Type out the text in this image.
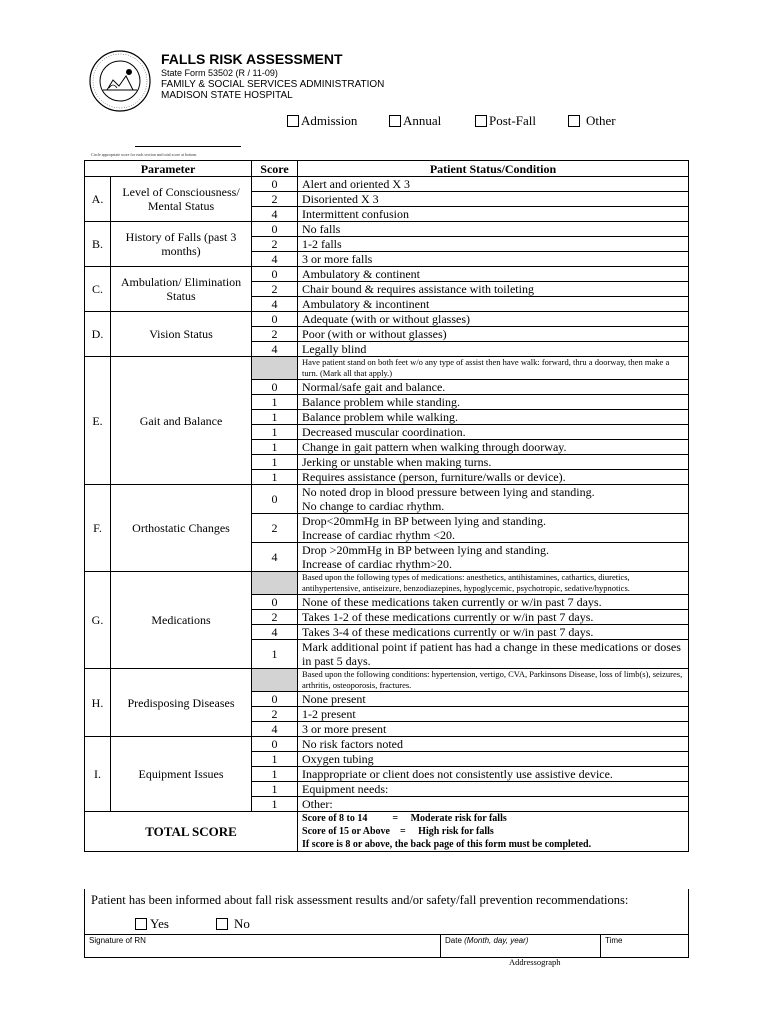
FALLS RISK ASSESSMENT
State Form 53502 (R / 11-09)
FAMILY & SOCIAL SERVICES ADMINISTRATION
MADISON STATE HOSPITAL
Admission	Annual	Post-Fall	Other
Circle appropriate score for each section and total score at bottom.
Parameter		Score	Patient Status/Condition
A.	Level of Consciousness/ Mental Status	0	Alert and oriented X 3
		2	Disoriented X 3
		4	Intermittent confusion
B.	History of Falls (past 3 months)	0	No falls
		2	1-2 falls
		4	3 or more falls
C.	Ambulation/ Elimination Status	0	Ambulatory & continent
		2	Chair bound & requires assistance with toileting
		4	Ambulatory & incontinent
D.	Vision Status	0	Adequate (with or without glasses)
		2	Poor (with or without glasses)
		4	Legally blind
E.	Gait and Balance		Have patient stand on both feet w/o any type of assist then have walk: forward, thru a doorway, then make a turn. (Mark all that apply.)
		0	Normal/safe gait and balance.
		1	Balance problem while standing.
		1	Balance problem while walking.
		1	Decreased muscular coordination.
		1	Change in gait pattern when walking through doorway.
		1	Jerking or unstable when making turns.
		1	Requires assistance (person, furniture/walls or device).
F.	Orthostatic Changes	0	No noted drop in blood pressure between lying and standing.
No change to cardiac rhythm.

		2	Drop<20mmHg in BP between lying and standing.
Increase of cardiac rhythm <20.

		4	Drop >20mmHg in BP between lying and standing.
Increase of cardiac rhythm>20.

G.	Medications		Based upon the following types of medications: anesthetics, antihistamines, cathartics, diuretics, antihypertensive, antiseizure, benzodiazepines, hypoglycemic, psychotropic, sedative/hypnotics.
		0	None of these medications taken currently or w/in past 7 days.
		2	Takes 1-2 of these medications currently or w/in past 7 days.
		4	Takes 3-4 of these medications currently or w/in past 7 days.
		1	Mark additional point if patient has had a change in these medications or doses in past 5 days.
H.	Predisposing Diseases		Based upon the following conditions: hypertension, vertigo, CVA, Parkinsons Disease, loss of limb(s), seizures, arthritis, osteoporosis, fractures.
		0	None present
		2	1-2 present
		4	3 or more present
I.	Equipment Issues	0	No risk factors noted
		1	Oxygen tubing
		1	Inappropriate or client does not consistently use assistive device.
		1	Equipment needs:
		1	Other:
TOTAL SCORE			Score of 8 to 14          =     Moderate risk for falls
Score of 15 or Above    =     High risk for falls
If score is 8 or above, the back page of this form must be completed.
Patient has been informed about fall risk assessment results and/or safety/fall prevention recommendations:
Yes	No
Signature of RN	Date (Month, day, year)	Time
Addressograph
